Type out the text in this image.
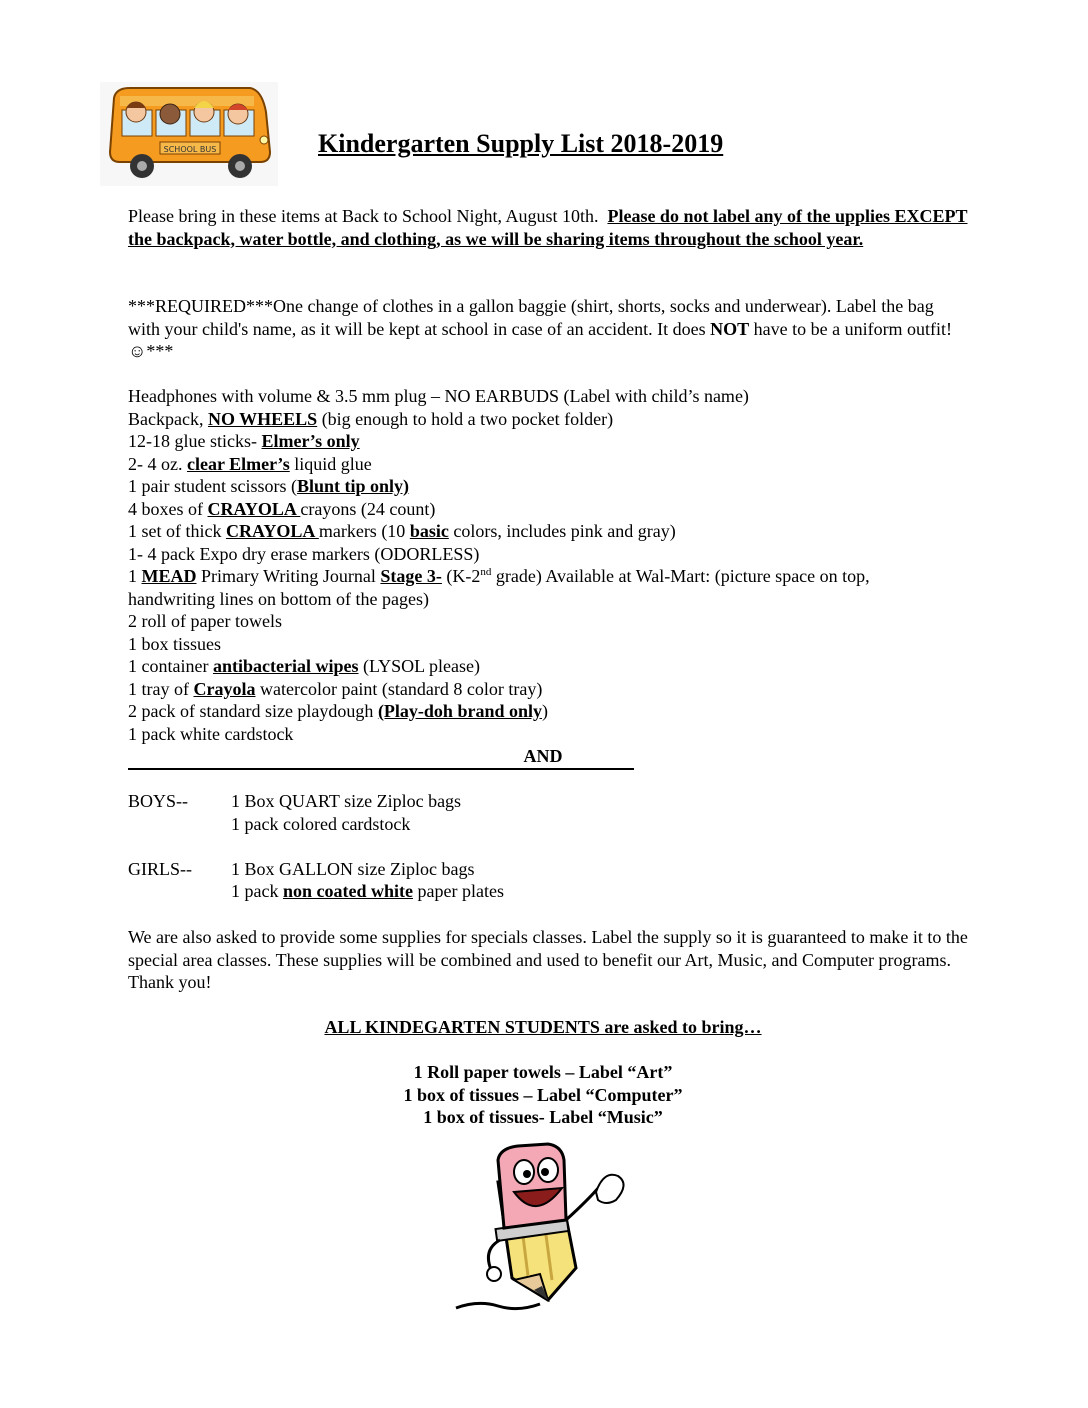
SCHOOL BUS	Kindergarten Supply List 2018-2019
Please bring in these items at Back to School Night, August 10th. Please do not label any of the upplies EXCEPT the backpack, water bottle, and clothing, as we will be sharing items throughout the school year.
***REQUIRED***One change of clothes in a gallon baggie (shirt, shorts, socks and underwear). Label the bag with your child's name, as it will be kept at school in case of an accident. It does NOT have to be a uniform outfit! ☺***
Headphones with volume & 3.5 mm plug – NO EARBUDS (Label with child’s name)
Backpack, NO WHEELS (big enough to hold a two pocket folder)
12-18 glue sticks- Elmer’s only
2- 4 oz. clear Elmer’s liquid glue
1 pair student scissors (Blunt tip only)
4 boxes of CRAYOLA crayons (24 count)
1 set of thick CRAYOLA markers (10 basic colors, includes pink and gray)
1- 4 pack Expo dry erase markers (ODORLESS)
1 MEAD Primary Writing Journal Stage 3- (K-2nd grade) Available at Wal-Mart: (picture space on top,
handwriting lines on bottom of the pages)
2 roll of paper towels
1 box tissues
1 container antibacterial wipes (LYSOL please)
1 tray of Crayola watercolor paint (standard 8 color tray)
2 pack of standard size playdough (Play-doh brand only)
1 pack white cardstock
AND
BOYS-- 1 Box QUART size Ziploc bags
1 pack colored cardstock
GIRLS-- 1 Box GALLON size Ziploc bags
1 pack non coated white paper plates
We are also asked to provide some supplies for specials classes. Label the supply so it is guaranteed to make it to the special area classes. These supplies will be combined and used to benefit our Art, Music, and Computer programs. Thank you!
ALL KINDEGARTEN STUDENTS are asked to bring…
1 Roll paper towels – Label “Art”
1 box of tissues – Label “Computer”
1 box of tissues- Label “Music”
